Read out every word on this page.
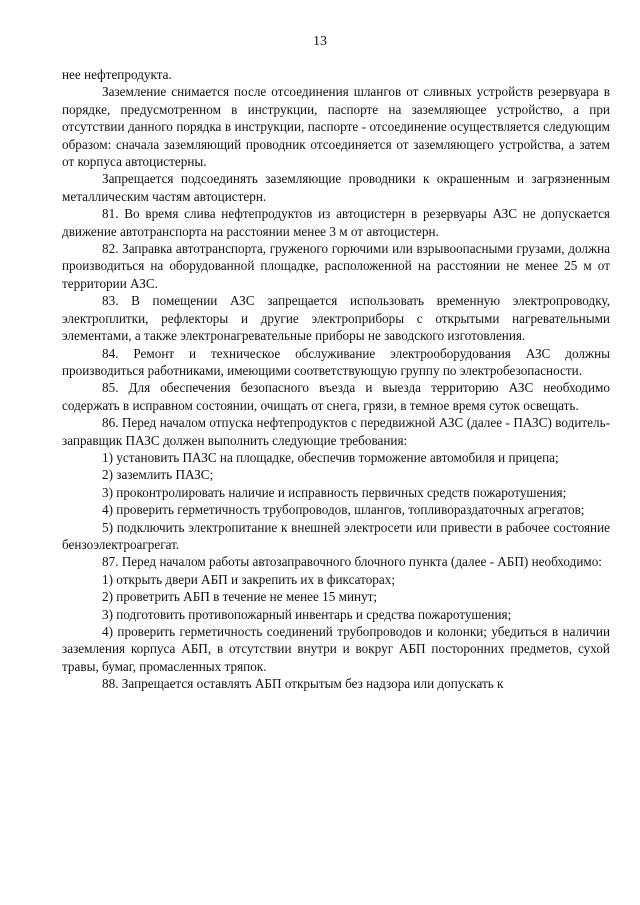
13

нее нефтепродукта.

Заземление снимается после отсоединения шлангов от сливных устройств резервуара в порядке, предусмотренном в инструкции, паспорте на заземляющее устройство, а при отсутствии данного порядка в инструкции, паспорте - отсоединение осуществляется следующим образом: сначала заземляющий проводник отсоединяется от заземляющего устройства, а затем от корпуса автоцистерны.

Запрещается подсоединять заземляющие проводники к окрашенным и загрязненным металлическим частям автоцистерн.

81. Во время слива нефтепродуктов из автоцистерн в резервуары АЗС не допускается движение автотранспорта на расстоянии менее 3 м от автоцистерн.

82. Заправка автотранспорта, груженого горючими или взрывоопасными грузами, должна производиться на оборудованной площадке, расположенной на расстоянии не менее 25 м от территории АЗС.

83. В помещении АЗС запрещается использовать временную электропроводку, электроплитки, рефлекторы и другие электроприборы с открытыми нагревательными элементами, а также электронагревательные приборы не заводского изготовления.

84. Ремонт и техническое обслуживание электрооборудования АЗС должны производиться работниками, имеющими соответствующую группу по электробезопасности.

85. Для обеспечения безопасного въезда и выезда территорию АЗС необходимо содержать в исправном состоянии, очищать от снега, грязи, в темное время суток освещать.

86. Перед началом отпуска нефтепродуктов с передвижной АЗС (далее - ПАЗС) водитель-заправщик ПАЗС должен выполнить следующие требования:

1) установить ПАЗС на площадке, обеспечив торможение автомобиля и прицепа;

2) заземлить ПАЗС;

3) проконтролировать наличие и исправность первичных средств пожаротушения;

4) проверить герметичность трубопроводов, шлангов, топливораздаточных агрегатов;

5) подключить электропитание к внешней электросети или привести в рабочее состояние бензоэлектроагрегат.

87. Перед началом работы автозаправочного блочного пункта (далее - АБП) необходимо:

1) открыть двери АБП и закрепить их в фиксаторах;

2) проветрить АБП в течение не менее 15 минут;

3) подготовить противопожарный инвентарь и средства пожаротушения;

4) проверить герметичность соединений трубопроводов и колонки; убедиться в наличии заземления корпуса АБП, в отсутствии внутри и вокруг АБП посторонних предметов, сухой травы, бумаг, промасленных тряпок.

88. Запрещается оставлять АБП открытым без надзора или допускать к
